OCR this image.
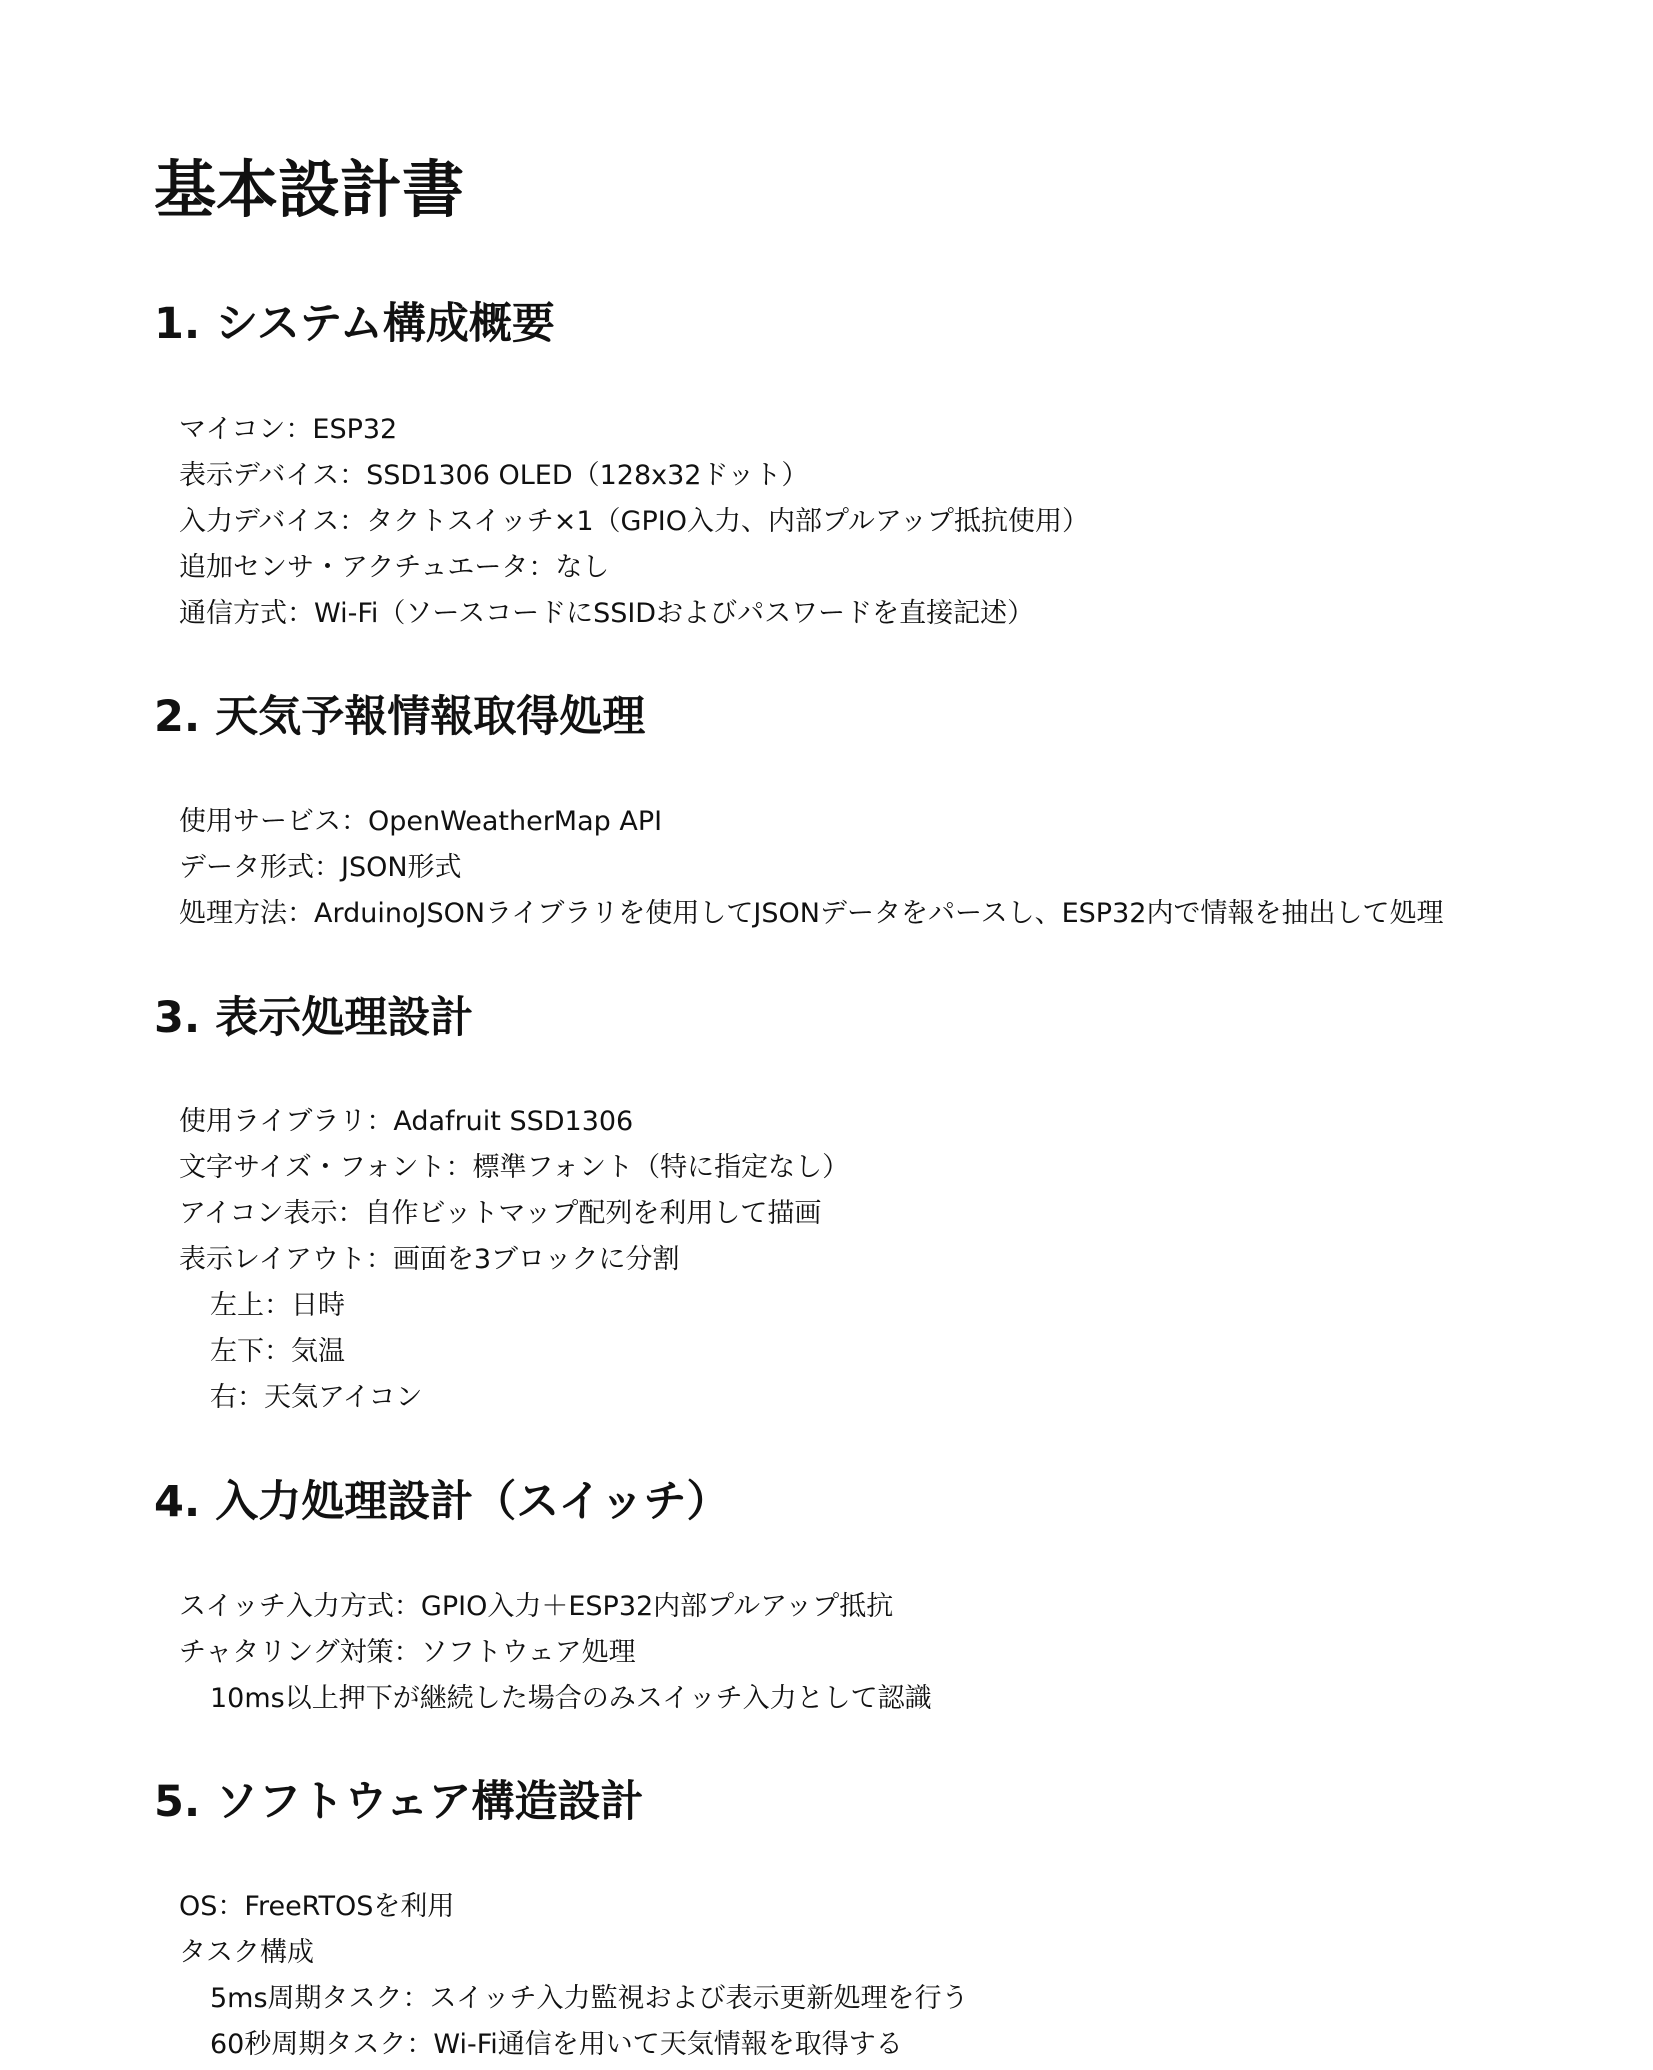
基本設計書
1. システム構成概要

マイコン：ESP32

表示デバイス：SSD1306 OLED（128x32ドット）

入力デバイス：タクトスイッチ×1（GPIO入力、内部プルアップ抵抗使用）

追加センサ・アクチュエータ：なし

通信方式：Wi-Fi（ソースコードにSSIDおよびパスワードを直接記述）

2. 天気予報情報取得処理

使用サービス：OpenWeatherMap API

データ形式：JSON形式

処理方法：ArduinoJSONライブラリを使用してJSONデータをパースし、ESP32内で情報を抽出して処理

3. 表示処理設計

使用ライブラリ：Adafruit SSD1306

文字サイズ・フォント：標準フォント（特に指定なし）

アイコン表示：自作ビットマップ配列を利用して描画

表示レイアウト：画面を3ブロックに分割

左上：日時

左下：気温

右：天気アイコン

4. 入力処理設計（スイッチ）

スイッチ入力方式：GPIO入力＋ESP32内部プルアップ抵抗

チャタリング対策：ソフトウェア処理

10ms以上押下が継続した場合のみスイッチ入力として認識

5. ソフトウェア構造設計

OS：FreeRTOSを利用

タスク構成

5ms周期タスク：スイッチ入力監視および表示更新処理を行う

60秒周期タスク：Wi-Fi通信を用いて天気情報を取得する
